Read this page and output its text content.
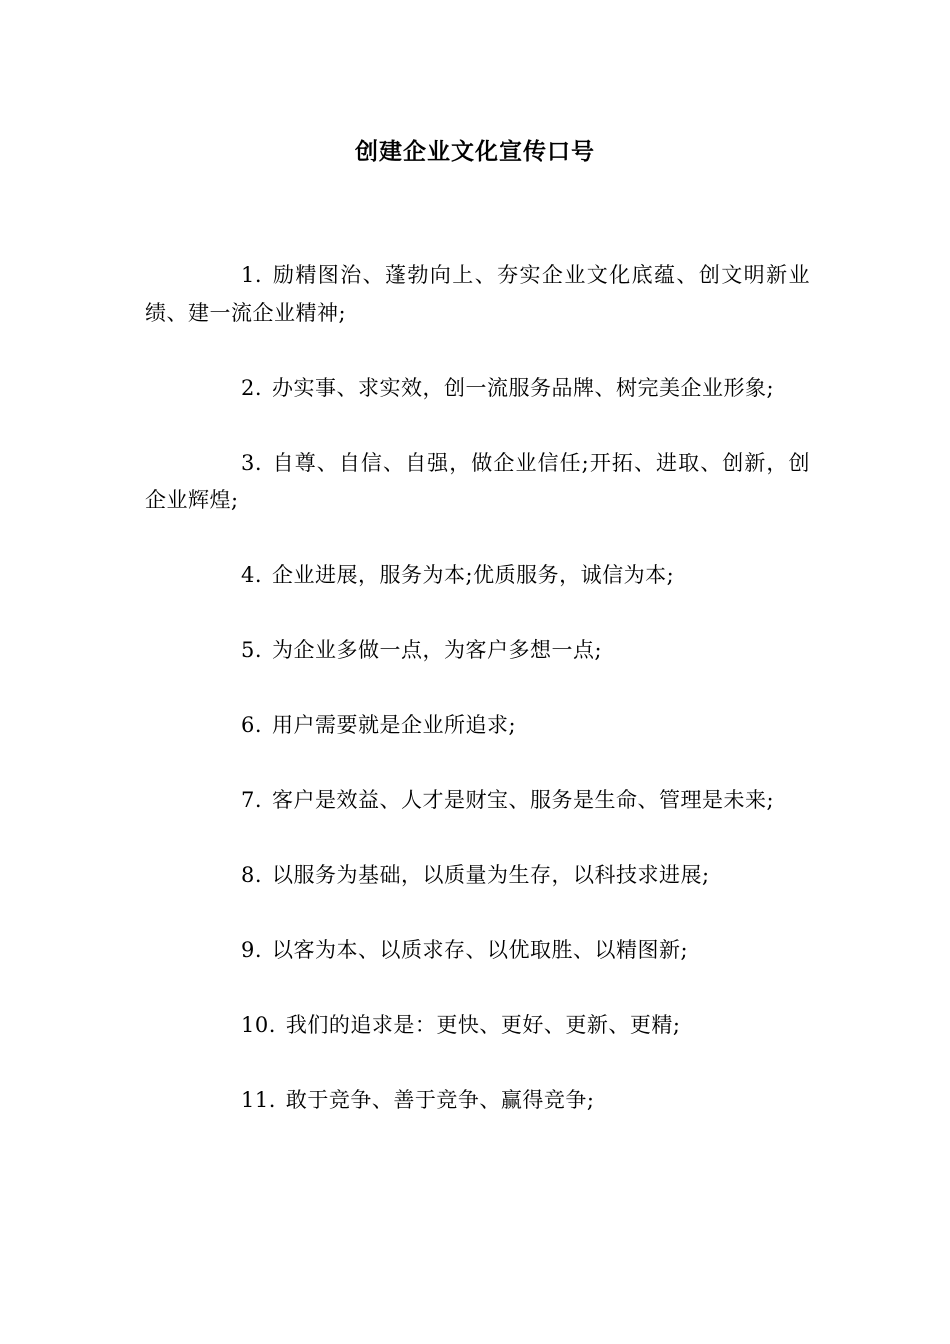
创建企业文化宣传口号

1. 励精图治、蓬勃向上、夯实企业文化底蕴、创文明新业绩、建一流企业精神;

2. 办实事、求实效，创一流服务品牌、树完美企业形象;

3. 自尊、自信、自强，做企业信任;开拓、进取、创新，创企业辉煌;

4. 企业进展，服务为本;优质服务，诚信为本;

5. 为企业多做一点，为客户多想一点;

6. 用户需要就是企业所追求;

7. 客户是效益、人才是财宝、服务是生命、管理是未来;

8. 以服务为基础，以质量为生存，以科技求进展;

9. 以客为本、以质求存、以优取胜、以精图新;

10. 我们的追求是：更快、更好、更新、更精;

11. 敢于竞争、善于竞争、赢得竞争;
